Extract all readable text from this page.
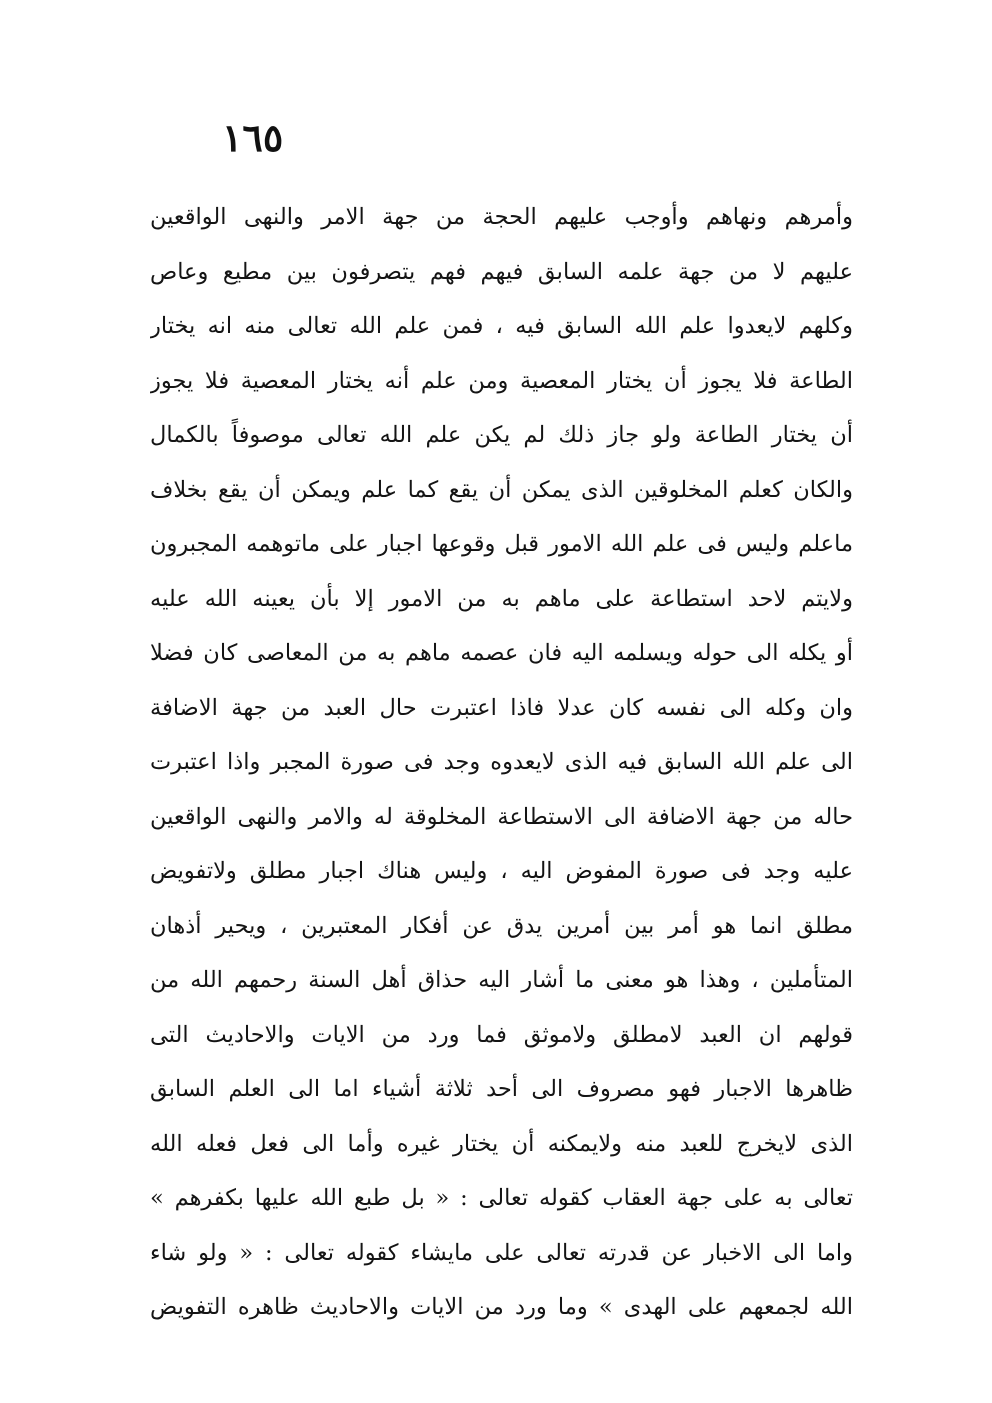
١٦٥
وأمرهم ونهاهم وأوجب عليهم الحجة من جهة الامر والنهى الواقعين
عليهم لا من جهة علمه السابق فيهم فهم يتصرفون بين مطيع وعاص
وكلهم لايعدوا علم الله السابق فيه ، فمن علم الله تعالى منه انه يختار
الطاعة فلا يجوز أن يختار المعصية ومن علم أنه يختار المعصية فلا يجوز
أن يختار الطاعة ولو جاز ذلك لم يكن علم الله تعالى موصوفاً بالكمال
والكان كعلم المخلوقين الذى يمكن أن يقع كما علم ويمكن أن يقع بخلاف
ماعلم وليس فى علم الله الامور قبل وقوعها اجبار على ماتوهمه المجبرون
ولايتم لاحد استطاعة على ماهم به من الامور إلا بأن يعينه الله عليه
أو يكله الى حوله ويسلمه اليه فان عصمه ماهم به من المعاصى كان فضلا
وان وكله الى نفسه كان عدلا فاذا اعتبرت حال العبد من جهة الاضافة
الى علم الله السابق فيه الذى لايعدوه وجد فى صورة المجبر واذا اعتبرت
حاله من جهة الاضافة الى الاستطاعة المخلوقة له والامر والنهى الواقعين
عليه وجد فى صورة المفوض اليه ، وليس هناك اجبار مطلق ولاتفويض
مطلق انما هو أمر بين أمرين يدق عن أفكار المعتبرين ، ويحير أذهان
المتأملين ، وهذا هو معنى ما أشار اليه حذاق أهل السنة رحمهم الله من
قولهم ان العبد لامطلق ولاموثق فما ورد من الايات والاحاديث التى
ظاهرها الاجبار فهو مصروف الى أحد ثلاثة أشياء اما الى العلم السابق
الذى لايخرج للعبد منه ولايمكنه أن يختار غيره وأما الى فعل فعله الله
تعالى به على جهة العقاب كقوله تعالى : « بل طبع الله عليها بكفرهم »
واما الى الاخبار عن قدرته تعالى على مايشاء كقوله تعالى : « ولو شاء
الله لجمعهم على الهدى » وما ورد من الايات والاحاديث ظاهره التفويض
